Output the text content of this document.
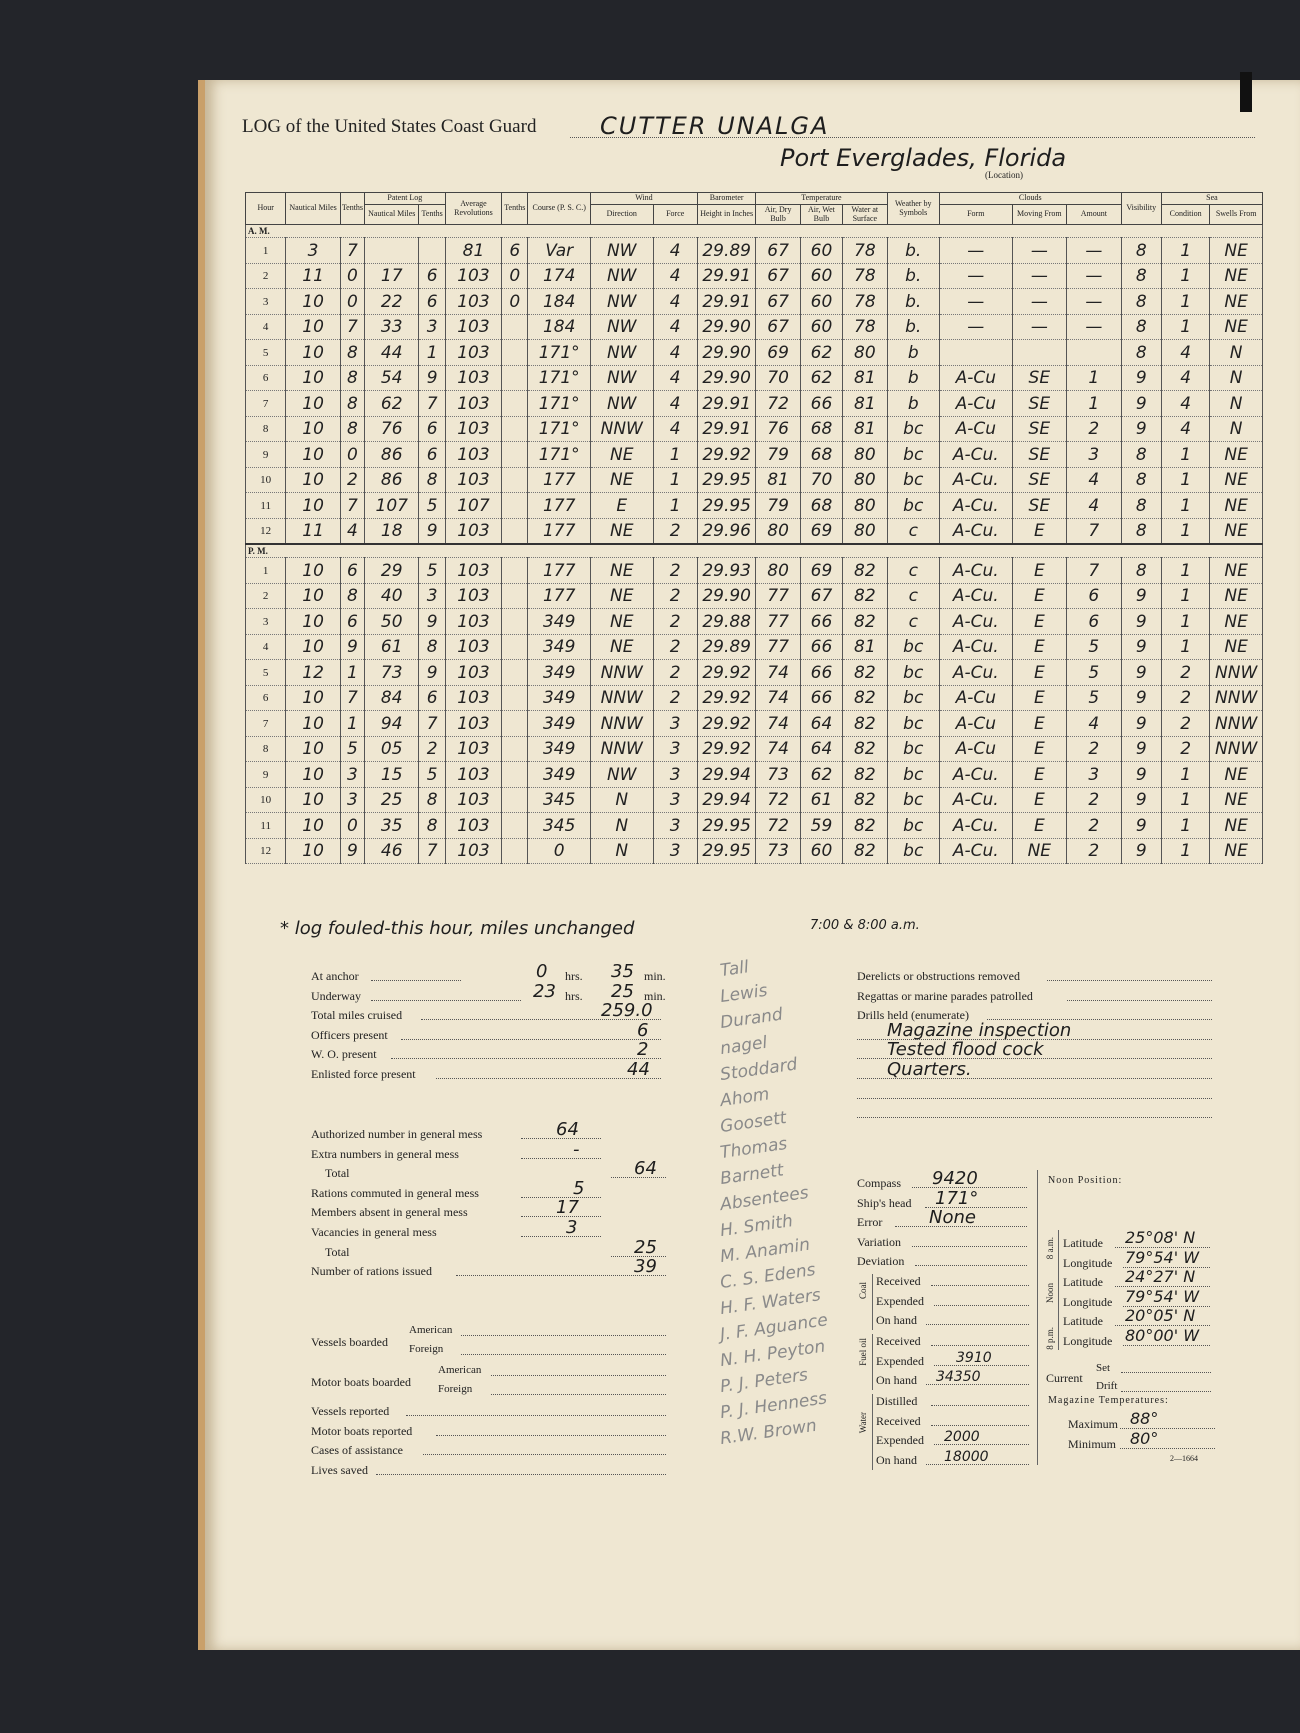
LOG of the United States Coast Guard	CUTTER UNALGA
Port Everglades, Florida
(Location)
Hour	Nautical Miles	Tenths	Patent Log		Average Revolutions	Tenths	Course (P. S. C.)	Wind		Barometer	Temperature			Weather by Symbols	Clouds			Visibility	Sea	
			Nautical Miles	Tenths				Direction	Force	Height in Inches	Air, Dry Bulb	Air, Wet Bulb	Water at Surface		Form	Moving From	Amount		Condition	Swells From
A. M.																				
1	3	7			81	6	Var	NW	4	29.89	67	60	78	b.	—	—	—	8	1	NE
2	11	0	17	6	103	0	174	NW	4	29.91	67	60	78	b.	—	—	—	8	1	NE
3	10	0	22	6	103	0	184	NW	4	29.91	67	60	78	b.	—	—	—	8	1	NE
4	10	7	33	3	103		184	NW	4	29.90	67	60	78	b.	—	—	—	8	1	NE
5	10	8	44	1	103		171°	NW	4	29.90	69	62	80	b				8	4	N
6	10	8	54	9	103		171°	NW	4	29.90	70	62	81	b	A-Cu	SE	1	9	4	N
7	10	8	62	7	103		171°	NW	4	29.91	72	66	81	b	A-Cu	SE	1	9	4	N
8	10	8	76	6	103		171°	NNW	4	29.91	76	68	81	bc	A-Cu	SE	2	9	4	N
9	10	0	86	6	103		171°	NE	1	29.92	79	68	80	bc	A-Cu.	SE	3	8	1	NE
10	10	2	86	8	103		177	NE	1	29.95	81	70	80	bc	A-Cu.	SE	4	8	1	NE
11	10	7	107	5	107		177	E	1	29.95	79	68	80	bc	A-Cu.	SE	4	8	1	NE
12	11	4	18	9	103		177	NE	2	29.96	80	69	80	c	A-Cu.	E	7	8	1	NE
P. M.																				
1	10	6	29	5	103		177	NE	2	29.93	80	69	82	c	A-Cu.	E	7	8	1	NE
2	10	8	40	3	103		177	NE	2	29.90	77	67	82	c	A-Cu.	E	6	9	1	NE
3	10	6	50	9	103		349	NE	2	29.88	77	66	82	c	A-Cu.	E	6	9	1	NE
4	10	9	61	8	103		349	NE	2	29.89	77	66	81	bc	A-Cu.	E	5	9	1	NE
5	12	1	73	9	103		349	NNW	2	29.92	74	66	82	bc	A-Cu.	E	5	9	2	NNW
6	10	7	84	6	103		349	NNW	2	29.92	74	66	82	bc	A-Cu	E	5	9	2	NNW
7	10	1	94	7	103		349	NNW	3	29.92	74	64	82	bc	A-Cu	E	4	9	2	NNW
8	10	5	05	2	103		349	NNW	3	29.92	74	64	82	bc	A-Cu	E	2	9	2	NNW
9	10	3	15	5	103		349	NW	3	29.94	73	62	82	bc	A-Cu.	E	3	9	1	NE
10	10	3	25	8	103		345	N	3	29.94	72	61	82	bc	A-Cu.	E	2	9	1	NE
11	10	0	35	8	103		345	N	3	29.95	72	59	82	bc	A-Cu.	E	2	9	1	NE
12	10	9	46	7	103		0	N	3	29.95	73	60	82	bc	A-Cu.	NE	2	9	1	NE
* log fouled-this hour, miles unchanged	7:00 & 8:00 a.m.
At anchor	0 hrs. 35 min.
Underway	23 hrs. 25 min.
Total miles cruised	259.0
Officers present	6
W. O. present	2
Enlisted force present	44
Authorized number in general mess	64
Extra numbers in general mess	-
Total	64
Rations commuted in general mess	5
Members absent in general mess	17
Vacancies in general mess	3
Total	25
Number of rations issued	39
Vessels boarded
American
Foreign
Motor boats boarded
American
Foreign
Vessels reported
Motor boats reported
Cases of assistance
Lives saved
Tall
Lewis
Durand
nagel
Stoddard
Ahom
Goosett
Thomas
Barnett
Absentees
H. Smith
M. Anamin
C. S. Edens
H. F. Waters
J. F. Aguance
N. H. Peyton
P. J. Peters
P. J. Henness
R.W. Brown
Derelicts or obstructions removed
Regattas or marine parades patrolled
Drills held (enumerate)
Magazine inspection
Tested flood cock
Quarters.
Compass 9420
Ship's head 171°
Error	None
Variation
Deviation
Coal
Received
Expended
On hand
Fuel oil Received
Expended 3910
On hand 34350
Water
Distilled
Received
Expended 2000
On hand 18000
Noon Position:
8 a.m.
Noon
8 p.m.
Latitude 25°08' N
Longitude 79°54' W
Latitude 24°27' N
Longitude 79°54' W
Latitude 20°05' N
Longitude 80°00' W
Current
Set
Drift
Magazine Temperatures:
Maximum 88°
Minimum 80°
2—1664
